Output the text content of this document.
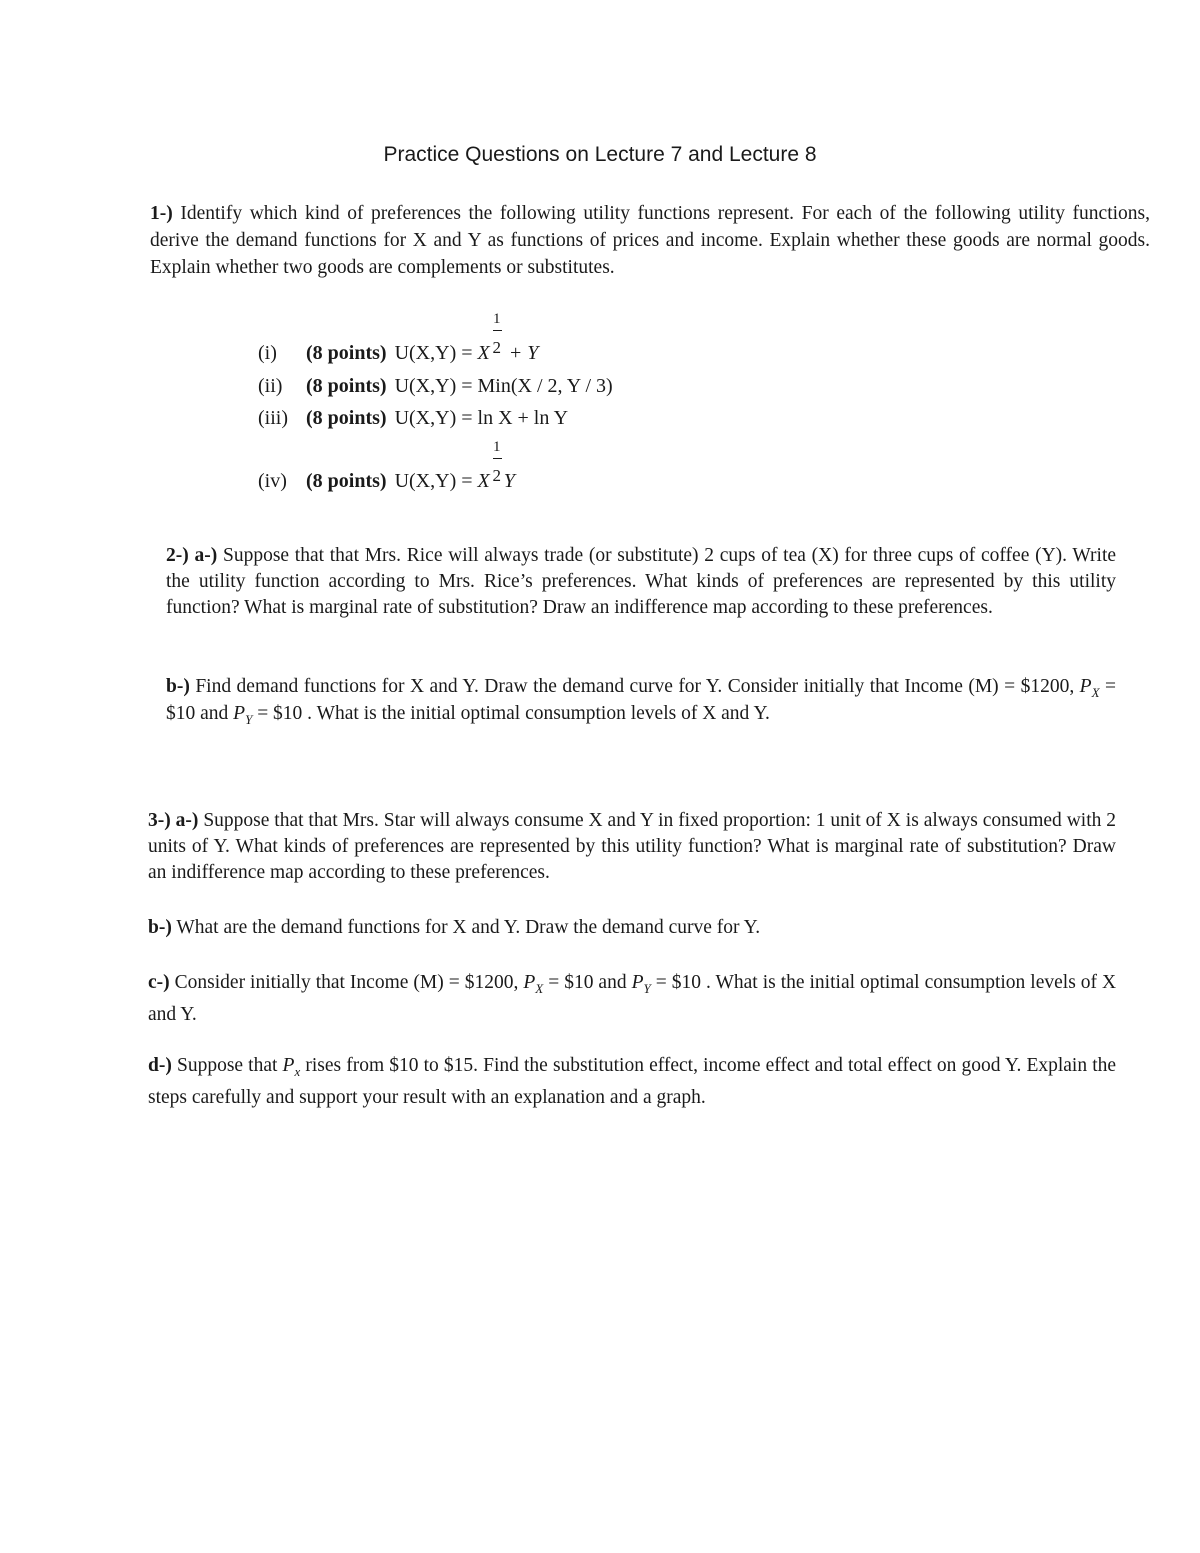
Practice Questions on Lecture 7 and Lecture 8
1-) Identify which kind of preferences the following utility functions represent. For each of the following utility functions, derive the demand functions for X and Y as functions of prices and income. Explain whether these goods are normal goods. Explain whether two goods are complements or substitutes.
(i) (8 points) U(X,Y) = X $\frac{1}{^2} + Y$
(ii) (8 points) U(X,Y) = Min(X / 2, Y / 3)
(iii) (8 points) U(X,Y) = ln X + ln Y
(iv) (8 points) U(X,Y) = X $\frac{1}{^2}Y$
2-) a-) Suppose that that Mrs. Rice will always trade (or substitute) 2 cups of tea (X) for three cups of coffee (Y). Write the utility function according to Mrs. Rice’s preferences. What kinds of preferences are represented by this utility function? What is marginal rate of substitution? Draw an indifference map according to these preferences.
b-) Find demand functions for X and Y. Draw the demand curve for Y. Consider initially that Income (M) = $1200, $P_X$ = $10 and $P_Y$ = $10 . What is the initial optimal consumption levels of X and Y.
3-) a-) Suppose that that Mrs. Star will always consume X and Y in fixed proportion: 1 unit of X is always consumed with 2 units of Y. What kinds of preferences are represented by this utility function? What is marginal rate of substitution? Draw an indifference map according to these preferences.
b-) What are the demand functions for X and Y. Draw the demand curve for Y.
c-) Consider initially that Income (M) = $1200, $P_X$ = $10 and $P_Y$ = $10 . What is the initial optimal consumption levels of X and Y.
d-) Suppose that $P_x$ rises from $10 to $15. Find the substitution effect, income effect and total effect on good Y. Explain the steps carefully and support your result with an explanation and a graph.
